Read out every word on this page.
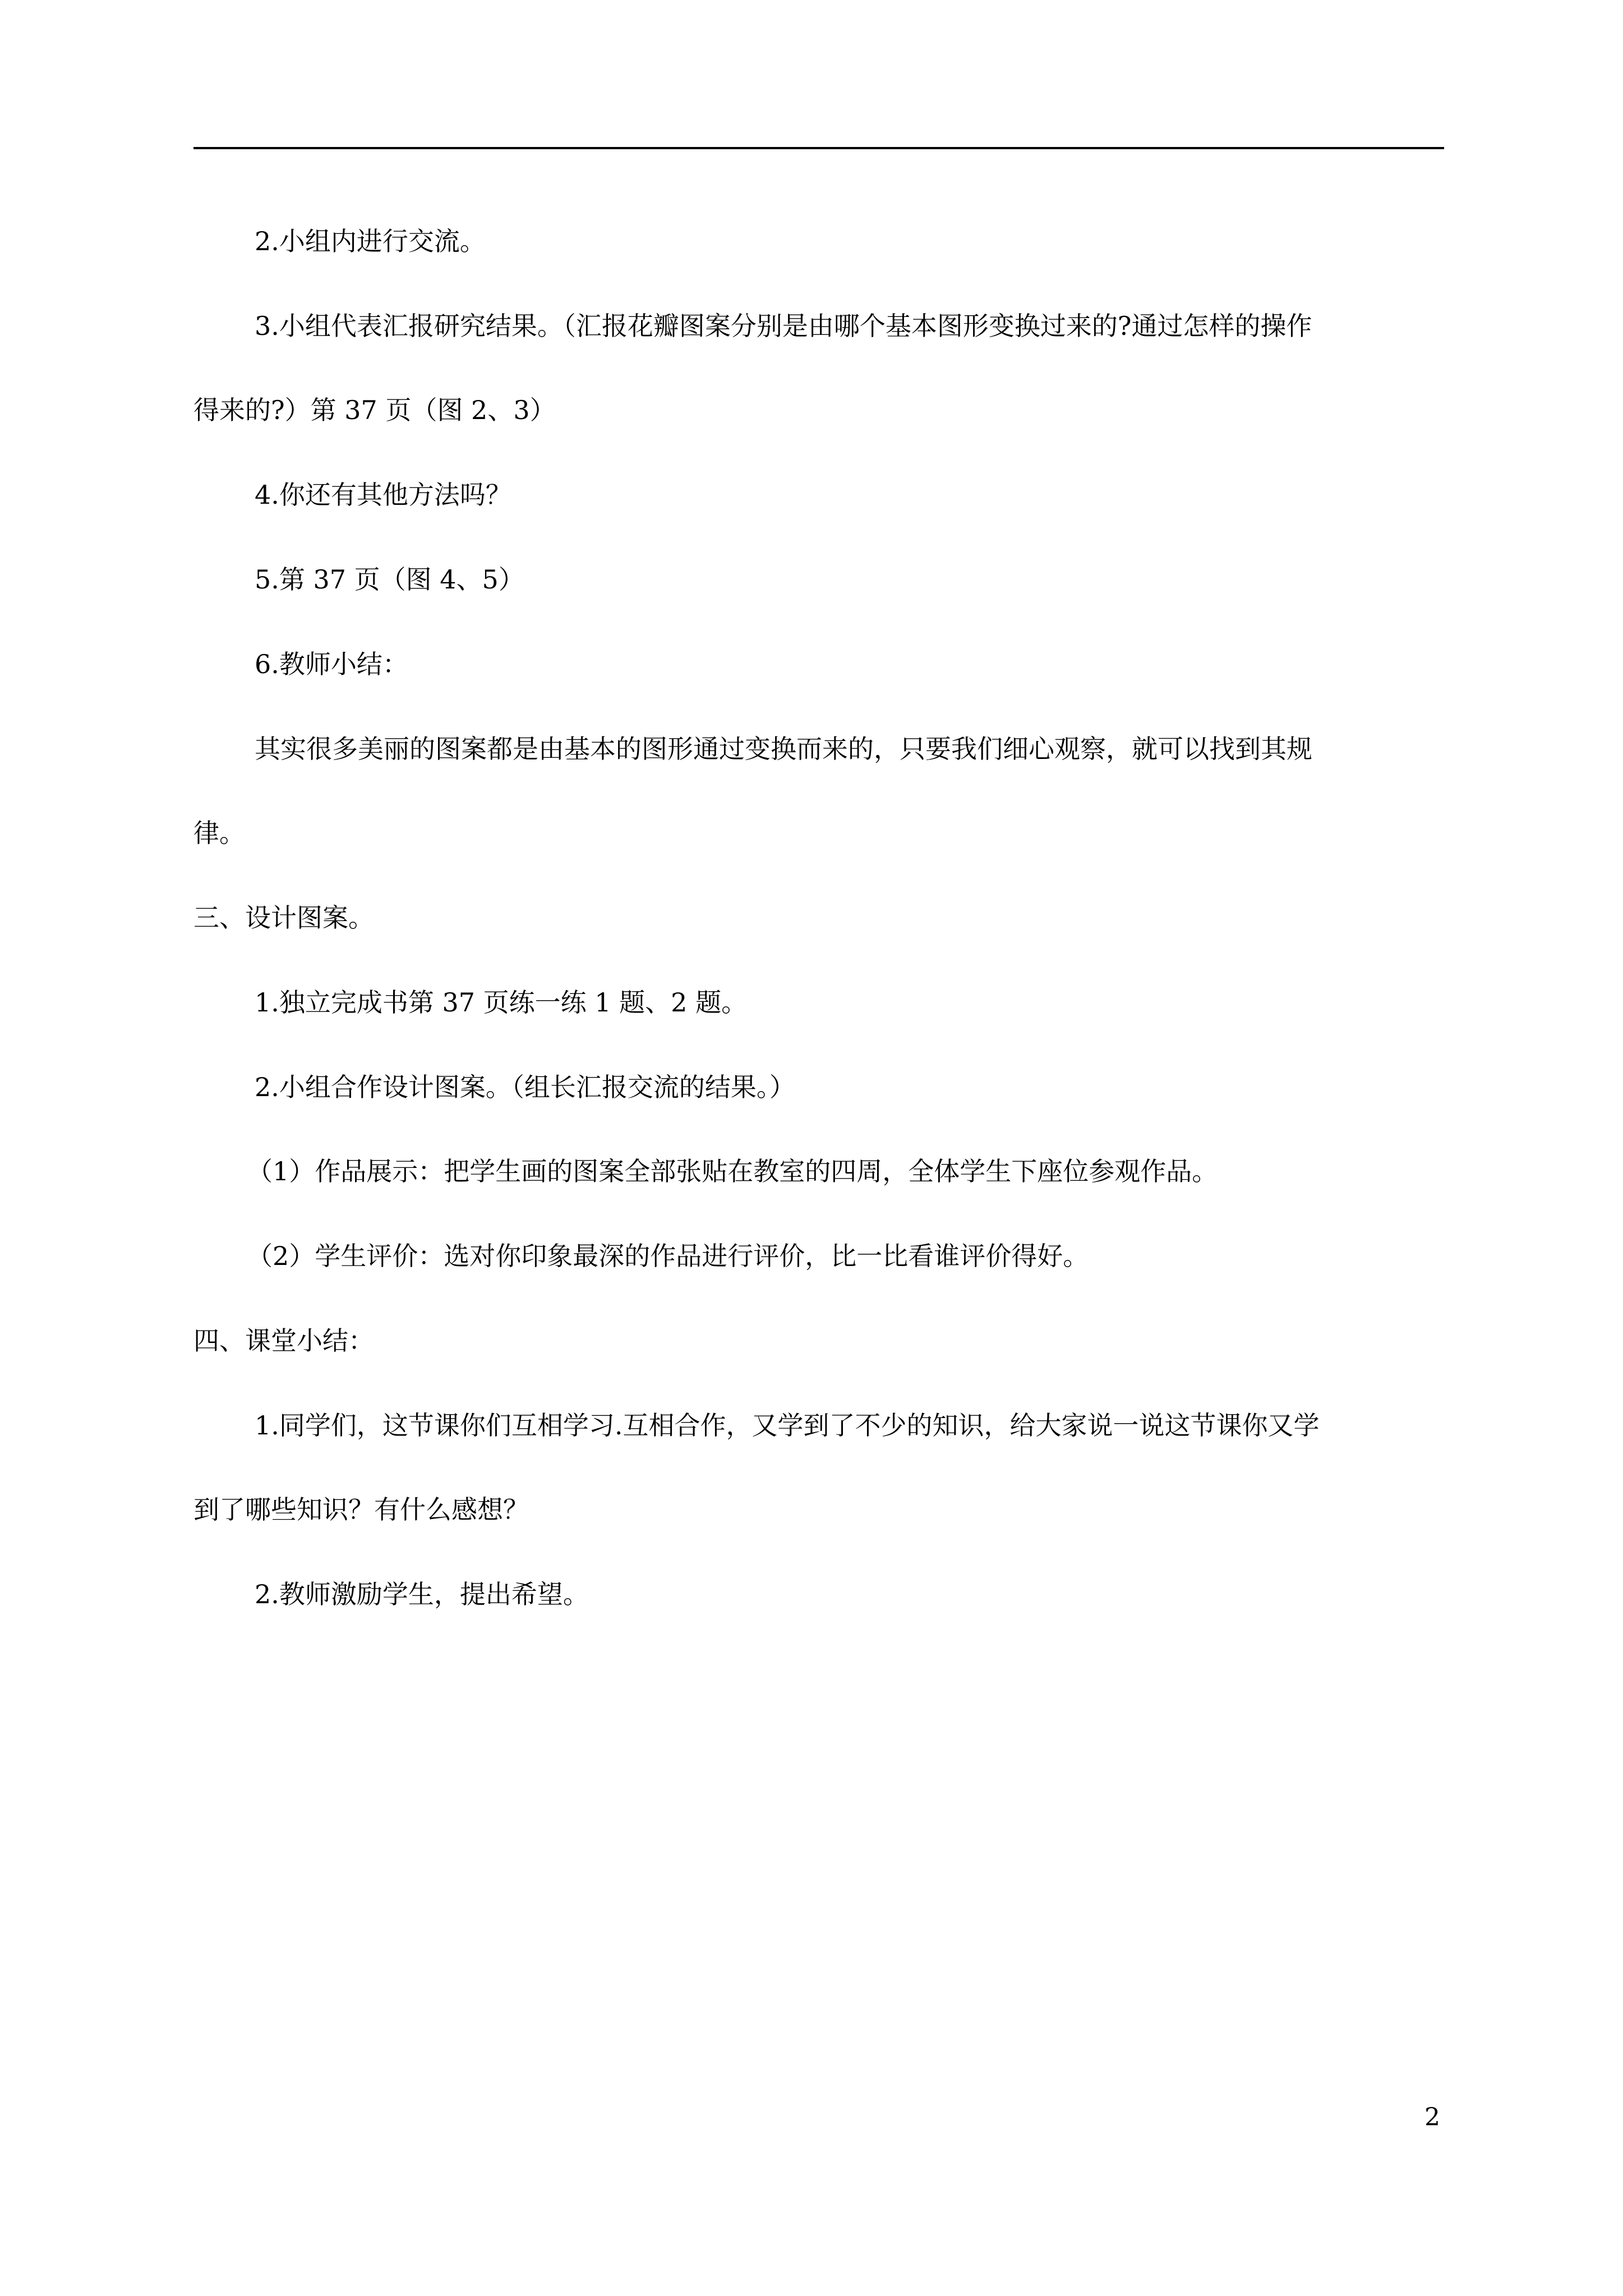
2.小组内进行交流。
3.小组代表汇报研究结果。（汇报花瓣图案分别是由哪个基本图形变换过来的?通过怎样的操作
得来的?）第 37 页（图 2、3）
4.你还有其他方法吗？
5.第 37 页（图 4、5）
6.教师小结：
其实很多美丽的图案都是由基本的图形通过变换而来的，只要我们细心观察，就可以找到其规
律。
三、设计图案。
1.独立完成书第 37 页练一练 1 题、2 题。
2.小组合作设计图案。（组长汇报交流的结果。）
（1）作品展示：把学生画的图案全部张贴在教室的四周，全体学生下座位参观作品。
（2）学生评价：选对你印象最深的作品进行评价，比一比看谁评价得好。
四、课堂小结：
1.同学们，这节课你们互相学习.互相合作，又学到了不少的知识，给大家说一说这节课你又学
到了哪些知识？有什么感想？
2.教师激励学生，提出希望。
2
